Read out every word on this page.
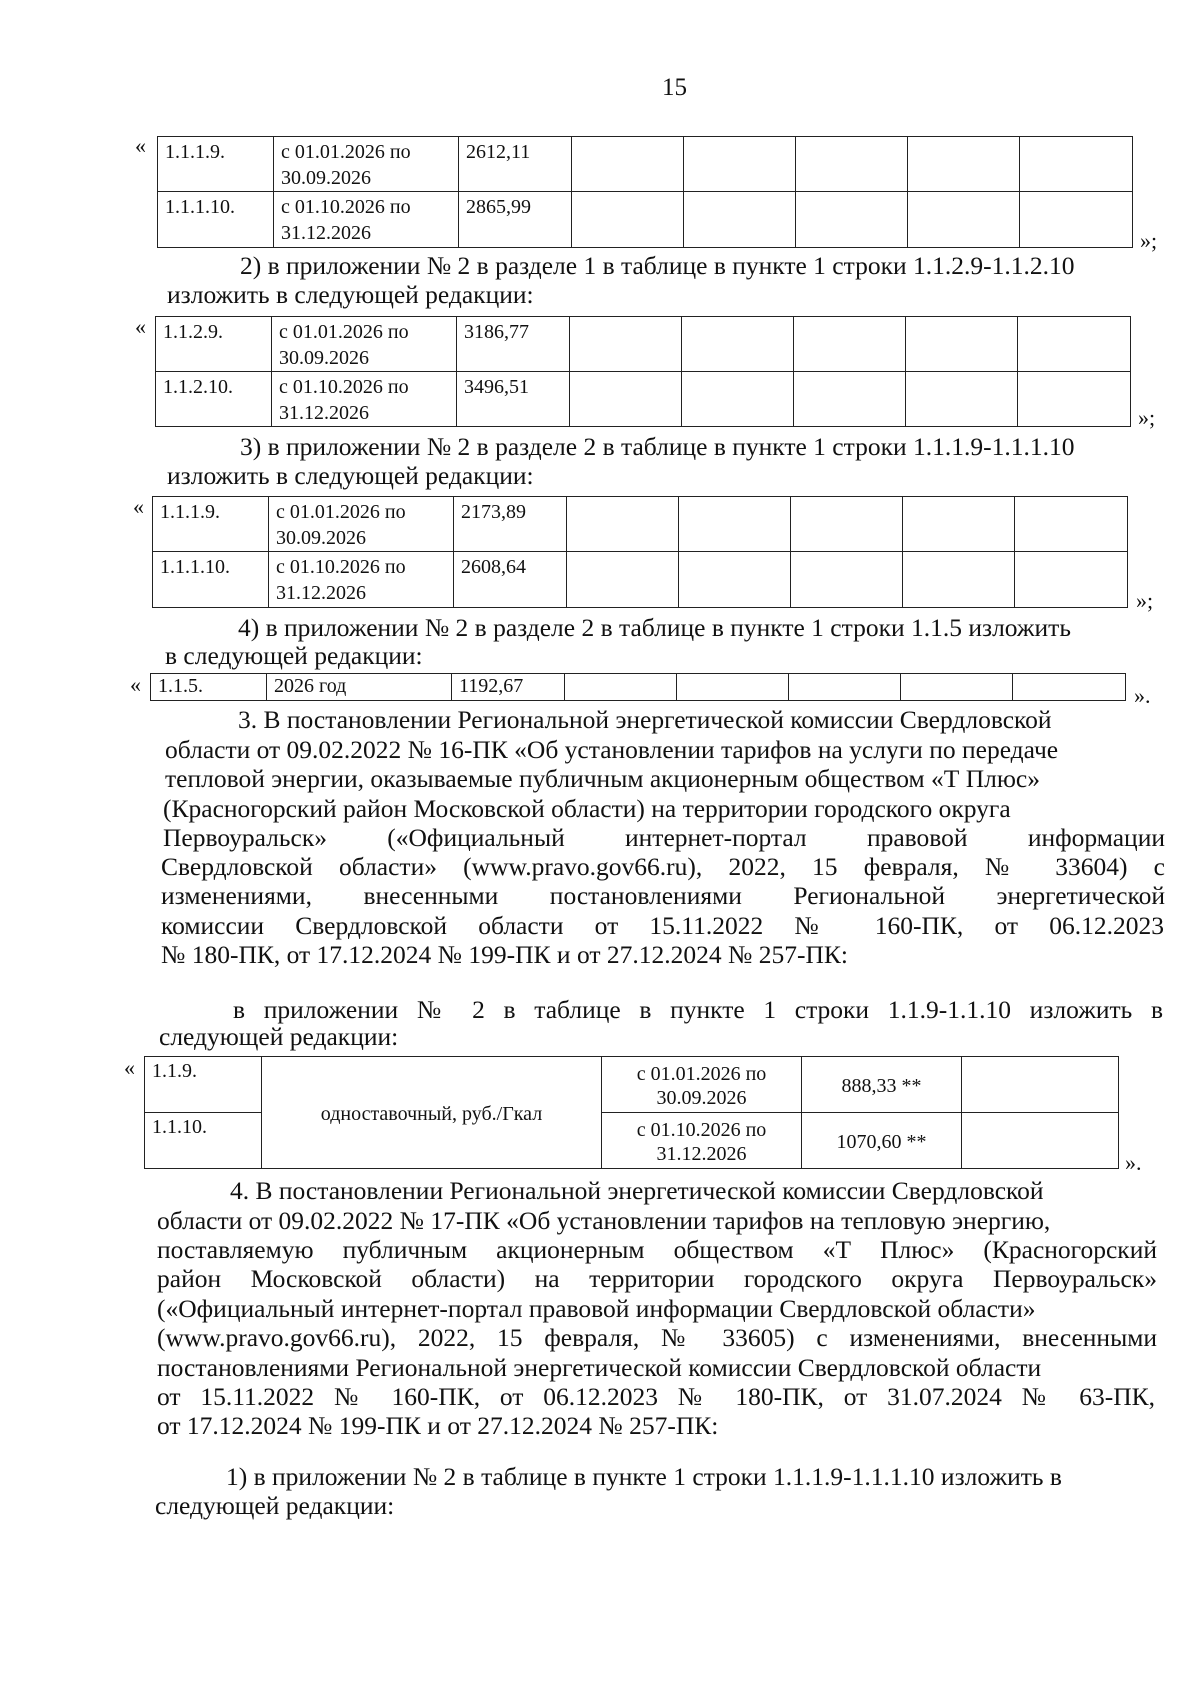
15
« 1.1.1.9.	с 01.01.2026 по 30.09.2026	2612,11					
1.1.1.10.	с 01.10.2026 по 31.12.2026	2865,99					
»;
2) в приложении № 2 в разделе 1 в таблице в пункте 1 строки 1.1.2.9-1.1.2.10
изложить в следующей редакции:
« 1.1.2.9.	с 01.01.2026 по 30.09.2026	3186,77					
1.1.2.10.	с 01.10.2026 по 31.12.2026	3496,51					
»;
3) в приложении № 2 в разделе 2 в таблице в пункте 1 строки 1.1.1.9-1.1.1.10
изложить в следующей редакции:
« 1.1.1.9.	с 01.01.2026 по 30.09.2026	2173,89					
1.1.1.10.	с 01.10.2026 по 31.12.2026	2608,64					
»;
4) в приложении № 2 в разделе 2 в таблице в пункте 1 строки 1.1.5 изложить
в следующей редакции:
« 1.1.5.	2026 год	1192,67						».
3. В постановлении Региональной энергетической комиссии Свердловской
области от 09.02.2022 № 16-ПК «Об установлении тарифов на услуги по передаче
тепловой энергии, оказываемые публичным акционерным обществом «Т Плюс»
(Красногорский район Московской области) на территории городского округа
Первоуральск» («Официальный интернет-портал правовой информации
Свердловской области» (www.pravo.gov66.ru), 2022, 15 февраля, № 33604) с
изменениями, внесенными постановлениями Региональной энергетической
комиссии Свердловской области от 15.11.2022 № 160-ПК, от 06.12.2023
№ 180-ПК, от 17.12.2024 № 199-ПК и от 27.12.2024 № 257-ПК:
в приложении № 2 в таблице в пункте 1 строки 1.1.9-1.1.10 изложить в
следующей редакции:
« 1.1.9.	одноставочный, руб./Гкал	с 01.01.2026 по 30.09.2026	888,33 **	
1.1.10.		с 01.10.2026 по 31.12.2026	1070,60 **	
».
4. В постановлении Региональной энергетической комиссии Свердловской
области от 09.02.2022 № 17-ПК «Об установлении тарифов на тепловую энергию,
поставляемую публичным акционерным обществом «Т Плюс» (Красногорский
район Московской области) на территории городского округа Первоуральск»
(«Официальный интернет-портал правовой информации Свердловской области»
(www.pravo.gov66.ru), 2022, 15 февраля, № 33605) с изменениями, внесенными
постановлениями Региональной энергетической комиссии Свердловской области
от 15.11.2022 № 160-ПК, от 06.12.2023 № 180-ПК, от 31.07.2024 № 63-ПК,
от 17.12.2024 № 199-ПК и от 27.12.2024 № 257-ПК:
1) в приложении № 2 в таблице в пункте 1 строки 1.1.1.9-1.1.1.10 изложить в
следующей редакции:
